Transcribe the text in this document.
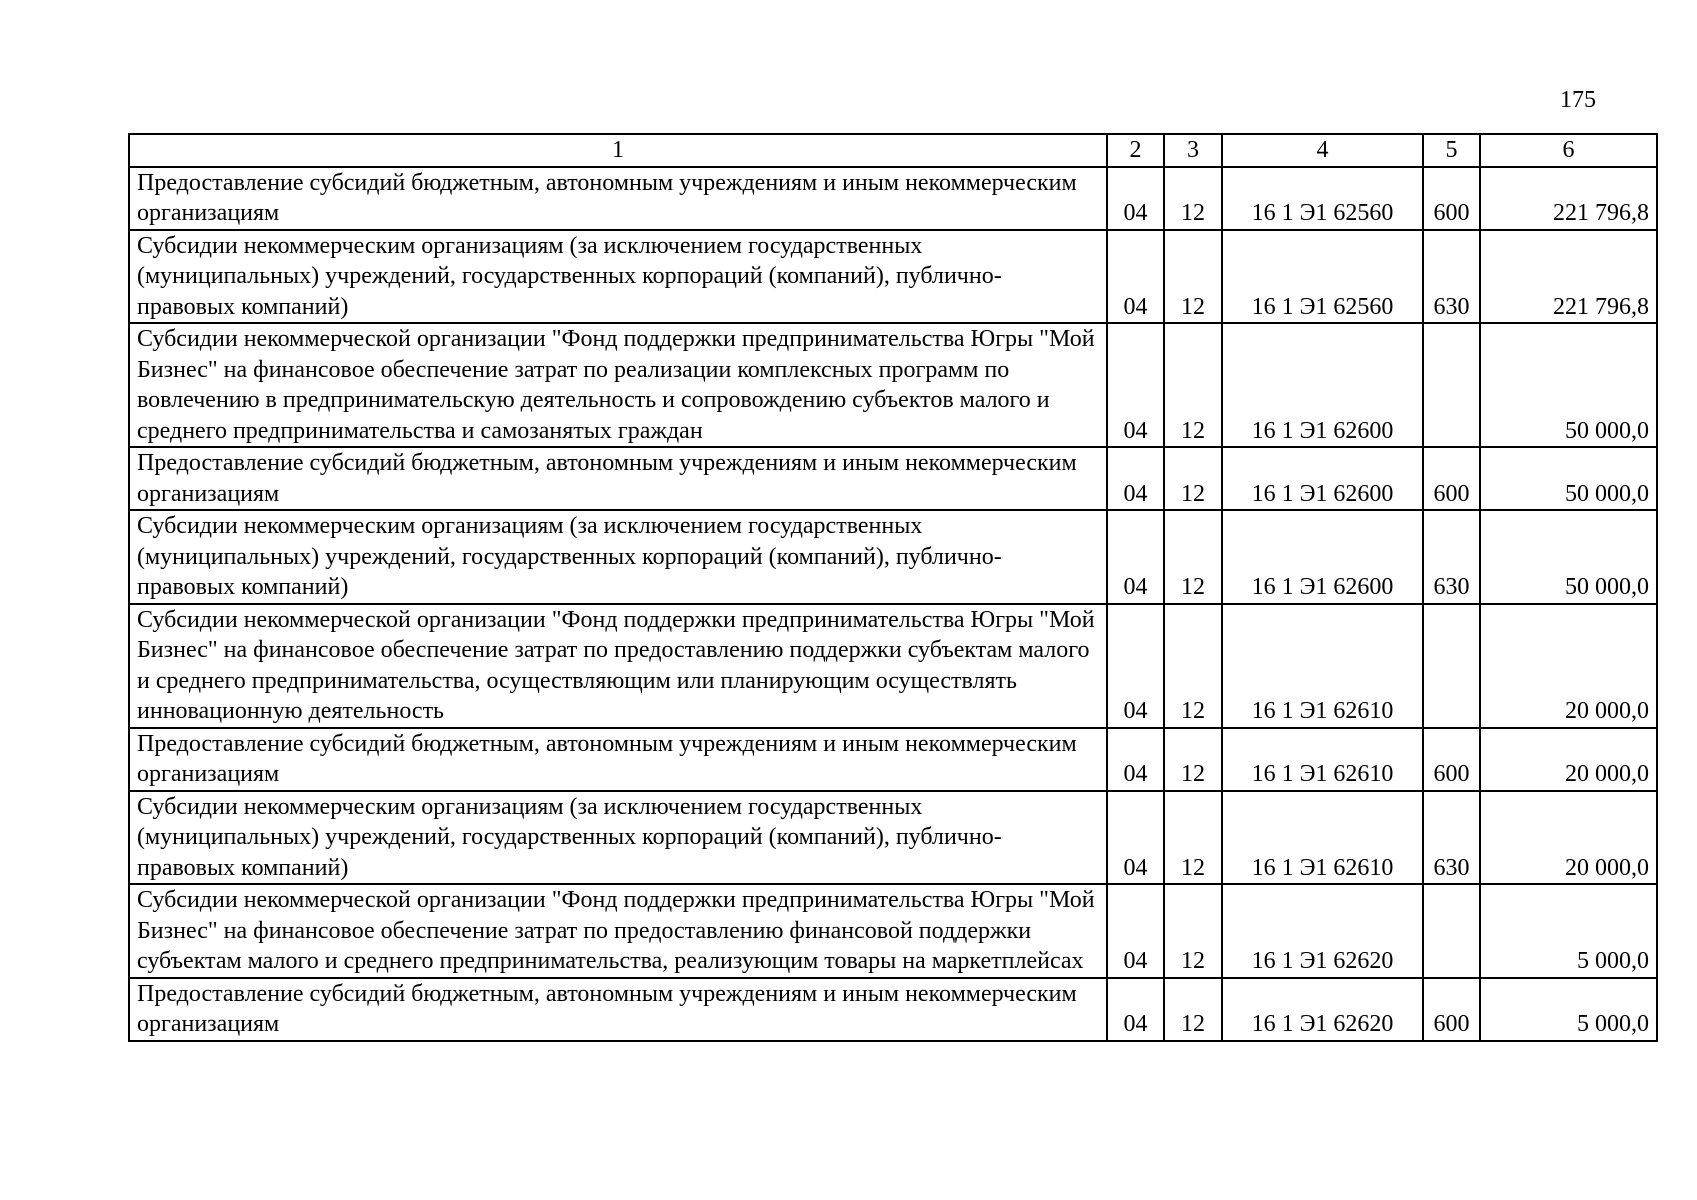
175
1	2	3	4	5	6
Предоставление субсидий бюджетным, автономным учреждениям и иным некоммерческим организациям	04	12	16 1 Э1 62560	600	221 796,8
Субсидии некоммерческим организациям (за исключением государственных (муниципальных) учреждений, государственных корпораций (компаний), публично-правовых компаний)	04	12	16 1 Э1 62560	630	221 796,8
Субсидии некоммерческой организации "Фонд поддержки предпринимательства Югры "Мой Бизнес" на финансовое обеспечение затрат по реализации комплексных программ по вовлечению в предпринимательскую деятельность и сопровождению субъектов малого и среднего предпринимательства и самозанятых граждан	04	12	16 1 Э1 62600		50 000,0
Предоставление субсидий бюджетным, автономным учреждениям и иным некоммерческим организациям	04	12	16 1 Э1 62600	600	50 000,0
Субсидии некоммерческим организациям (за исключением государственных (муниципальных) учреждений, государственных корпораций (компаний), публично-правовых компаний)	04	12	16 1 Э1 62600	630	50 000,0
Субсидии некоммерческой организации "Фонд поддержки предпринимательства Югры "Мой Бизнес" на финансовое обеспечение затрат по предоставлению поддержки субъектам малого и среднего предпринимательства, осуществляющим или планирующим осуществлять инновационную деятельность	04	12	16 1 Э1 62610		20 000,0
Предоставление субсидий бюджетным, автономным учреждениям и иным некоммерческим организациям	04	12	16 1 Э1 62610	600	20 000,0
Субсидии некоммерческим организациям (за исключением государственных (муниципальных) учреждений, государственных корпораций (компаний), публично-правовых компаний)	04	12	16 1 Э1 62610	630	20 000,0
Субсидии некоммерческой организации "Фонд поддержки предпринимательства Югры "Мой Бизнес" на финансовое обеспечение затрат по предоставлению финансовой поддержки субъектам малого и среднего предпринимательства, реализующим товары на маркетплейсах	04	12	16 1 Э1 62620		5 000,0
Предоставление субсидий бюджетным, автономным учреждениям и иным некоммерческим организациям	04	12	16 1 Э1 62620	600	5 000,0
